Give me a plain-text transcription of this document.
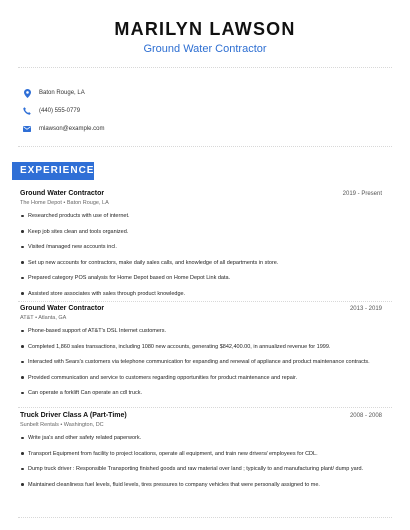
MARILYN LAWSON
Ground Water Contractor
Baton Rouge, LA
(440) 555-0779
mlawson@example.com
EXPERIENCE
Ground Water Contractor	2019 - Present
The Home Depot • Baton Rouge, LA
Researched products with use of internet.
Keep job sites clean and tools organized.
Visited /managed new accounts incl.
Set up new accounts for contractors, make daily sales calls, and knowledge of all departments in store.
Prepared category POS analysis for Home Depot based on Home Depot Link data.
Assisted store associates with sales through product knowledge.
Ground Water Contractor	2013 - 2019
AT&T • Atlanta, GA
Phone-based support of AT&T's DSL Internet customers.
Completed 1,860 sales transactions, including 1080 new accounts, generating $842,400.00, in annualized revenue for 1999.
Interacted with Sears's customers via telephone communication for expanding and renewal of appliance and product maintenance contracts.
Provided communication and service to customers regarding opportunities for product maintenance and repair.
Can operate a forklift Can operate an cdl truck.
Truck Driver Class A (Part-Time)	2008 - 2008
Sunbelt Rentals • Washington, DC
Write jsa's and other safety related paperwork.
Transport Equipment from facility to project locations, operate all equipment, and train new drivers/ employees for CDL.
Dump truck driver : Responsible Transporting finished goods and raw material over land ; typically to and manufacturing plant/ dump yard.
Maintained cleanliness fuel levels, fluid levels, tires pressures to company vehicles that were personally assigned to me.
